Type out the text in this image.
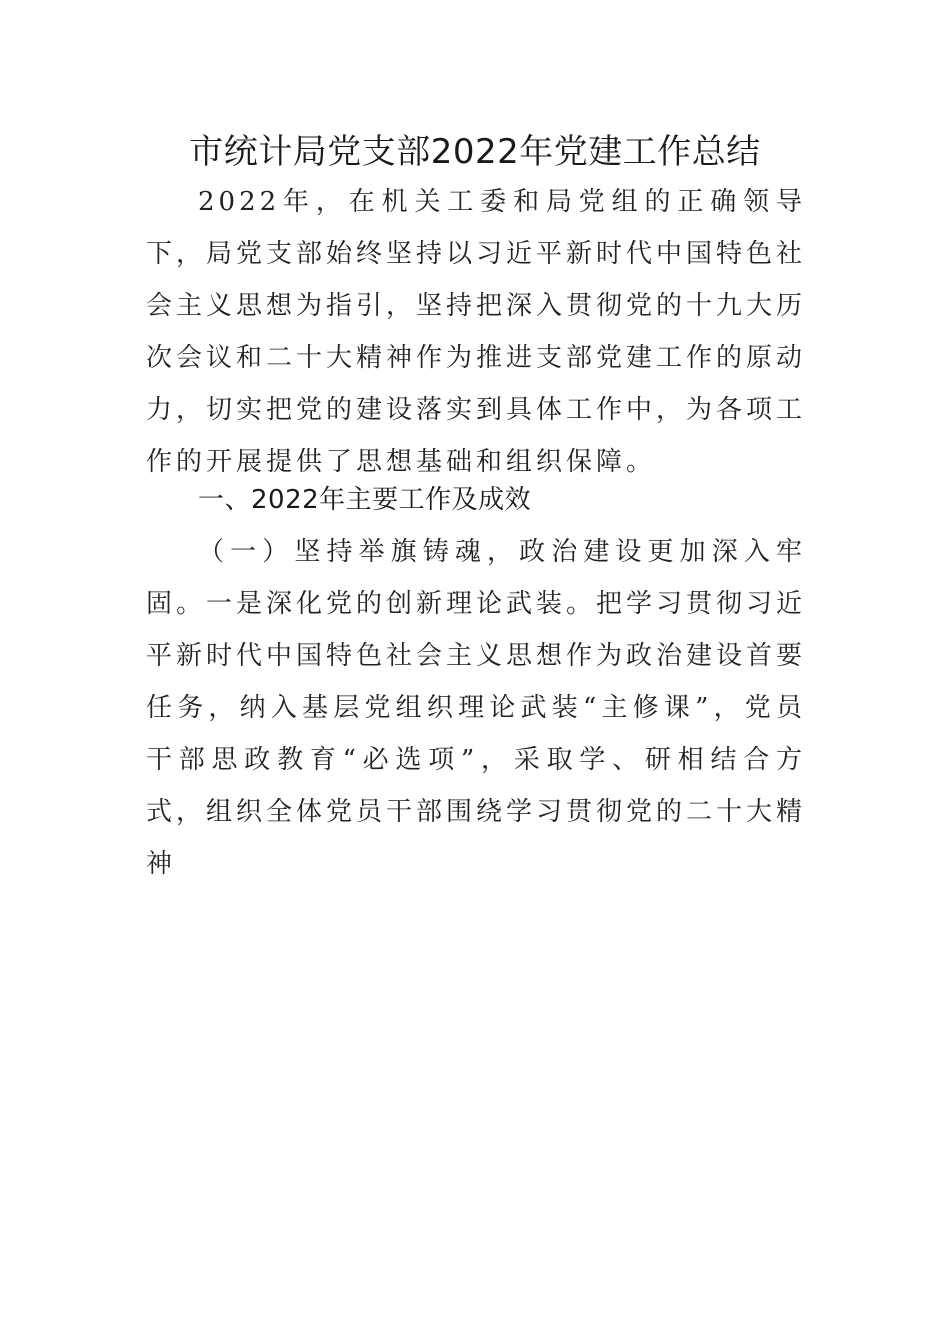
市统计局党支部2022年党建工作总结

2022年，在机关工委和局党组的正确领导下，局党支部始终坚持以习近平新时代中国特色社会主义思想为指引，坚持把深入贯彻党的十九大历次会议和二十大精神作为推进支部党建工作的原动力，切实把党的建设落实到具体工作中，为各项工作的开展提供了思想基础和组织保障。

一、2022年主要工作及成效

（一）坚持举旗铸魂，政治建设更加深入牢固。一是深化党的创新理论武装。把学习贯彻习近平新时代中国特色社会主义思想作为政治建设首要任务，纳入基层党组织理论武装“主修课”，党员干部思政教育“必选项”，采取学、研相结合方式，组织全体党员干部围绕学习贯彻党的二十大精神
